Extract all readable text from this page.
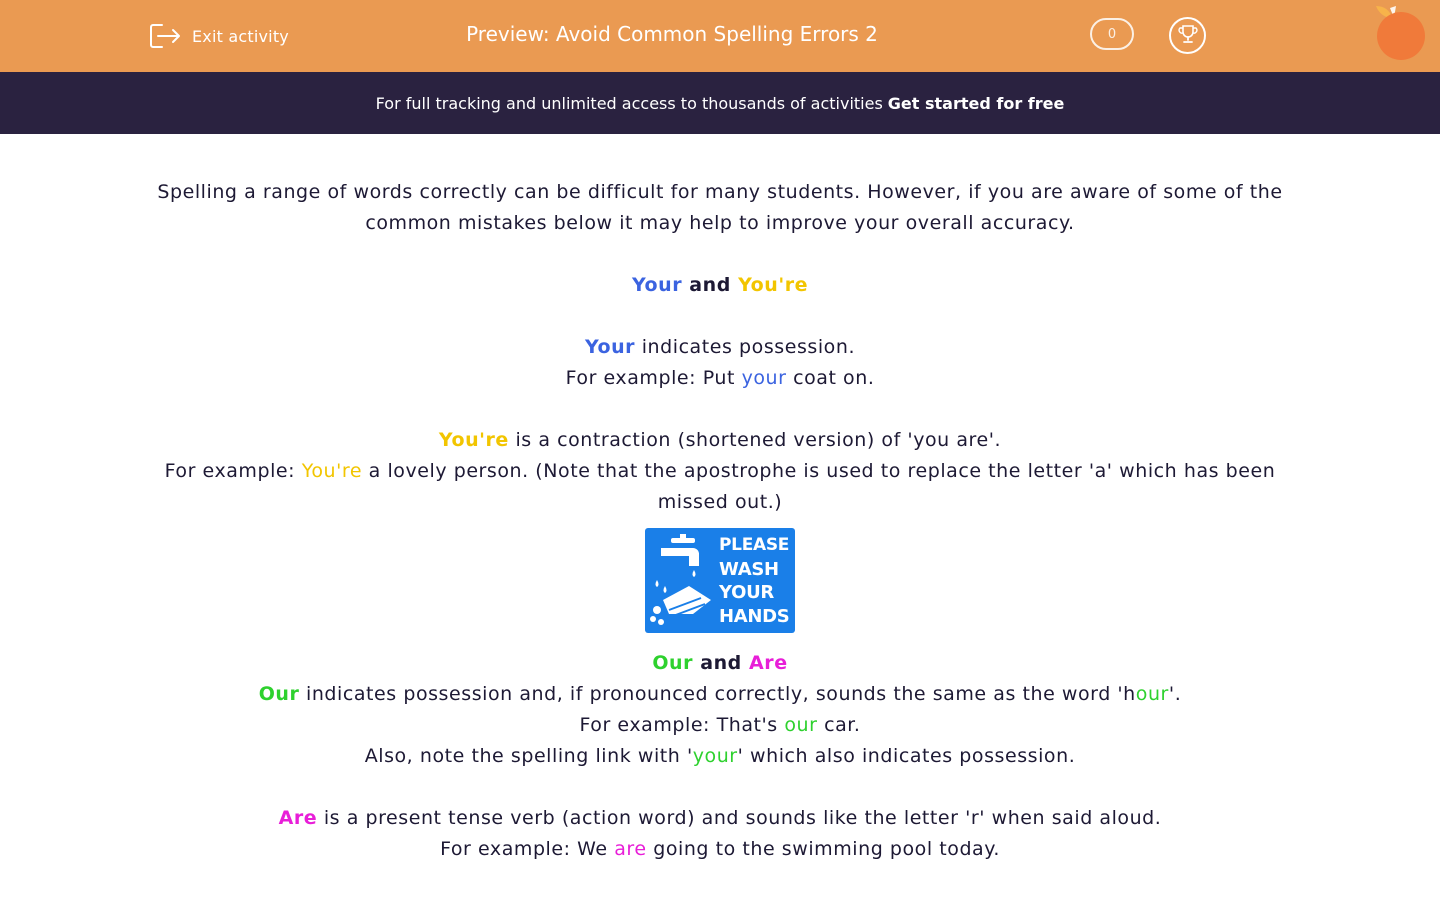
Exit activity	Preview: Avoid Common Spelling Errors 2	0
For full tracking and unlimited access to thousands of activities Get started for free

Spelling a range of words correctly can be difficult for many students. However, if you are aware of some of the common mistakes below it may help to improve your overall accuracy.

Your and You're

Your indicates possession.

For example: Put your coat on.

You're is a contraction (shortened version) of 'you are'.

For example: You're a lovely person. (Note that the apostrophe is used to replace the letter 'a' which has been missed out.)

PLEASE
WASH
YOUR
HANDS

Our and Are

Our indicates possession and, if pronounced correctly, sounds the same as the word 'hour'.

For example: That's our car.

Also, note the spelling link with 'your' which also indicates possession.

Are is a present tense verb (action word) and sounds like the letter 'r' when said aloud.

For example: We are going to the swimming pool today.
